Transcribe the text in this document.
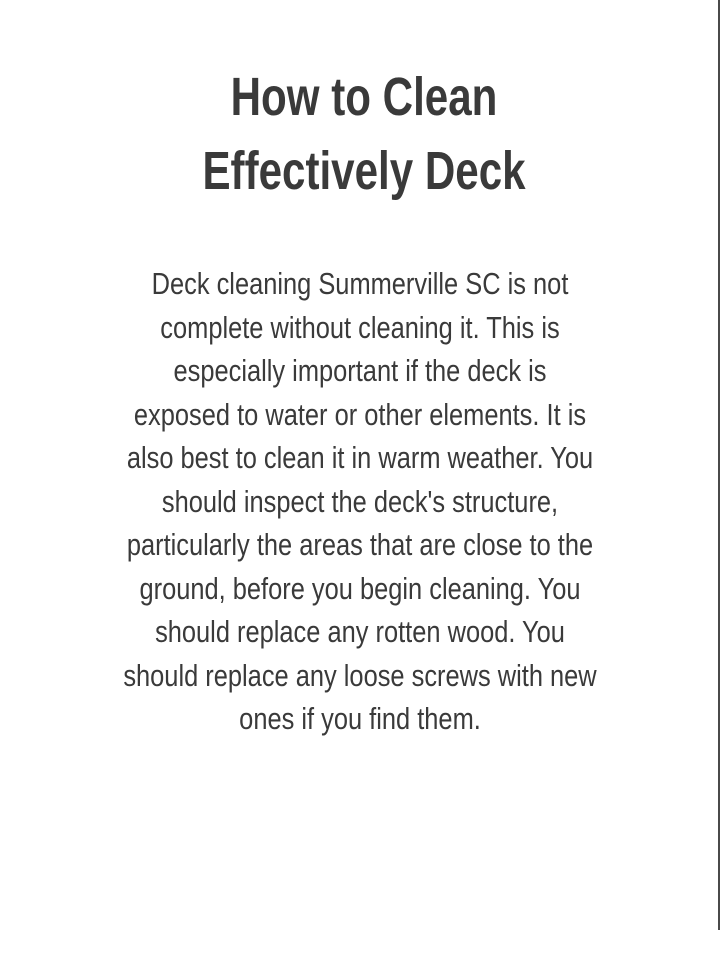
How to Clean Effectively Deck

Deck cleaning Summerville SC is not complete without cleaning it. This is especially important if the deck is exposed to water or other elements. It is also best to clean it in warm weather. You should inspect the deck's structure, particularly the areas that are close to the ground, before you begin cleaning. You should replace any rotten wood. You should replace any loose screws with new ones if you find them.
